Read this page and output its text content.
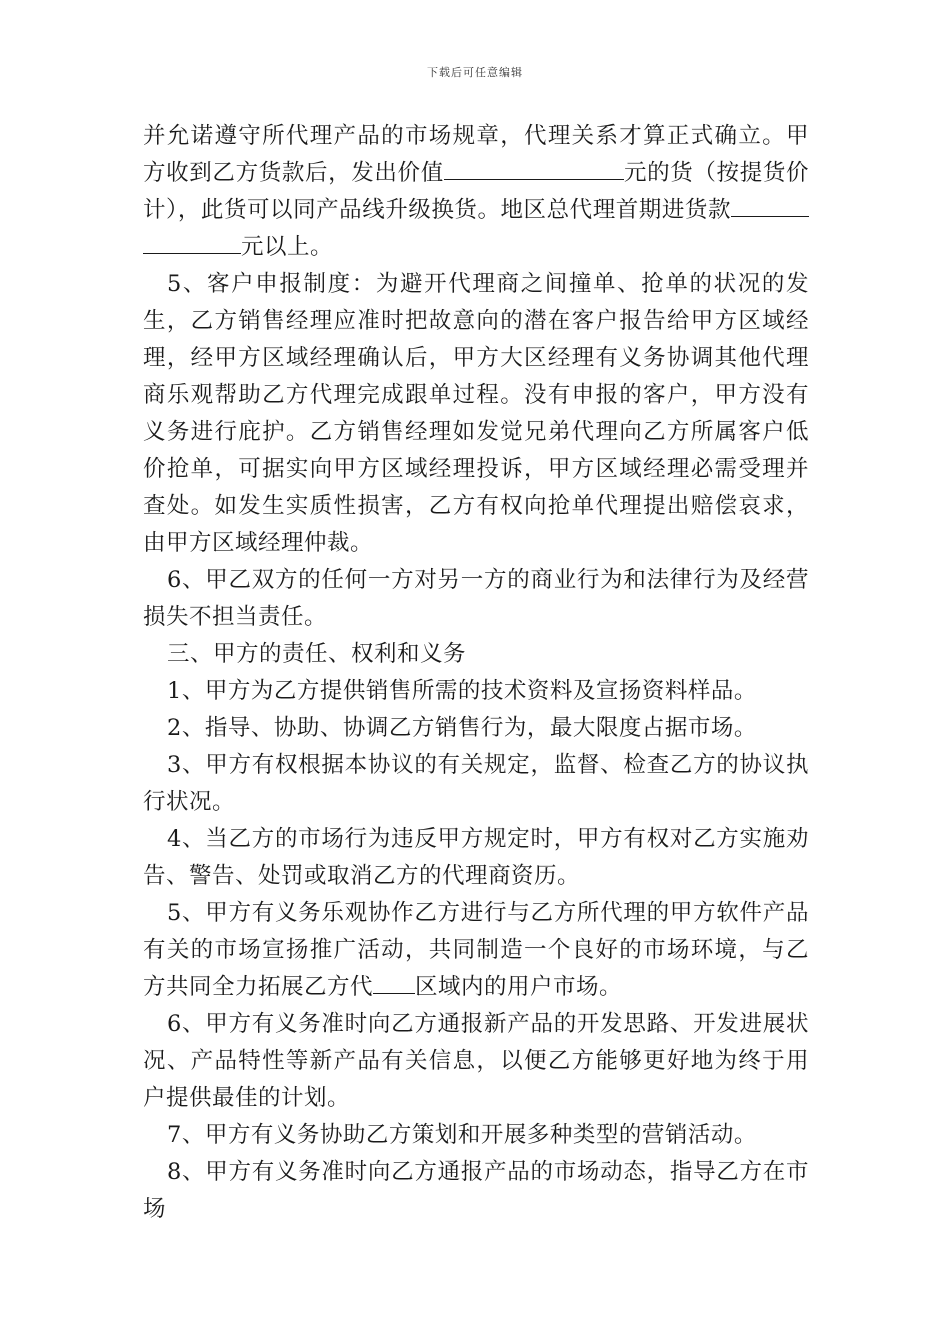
下载后可任意编辑

并允诺遵守所代理产品的市场规章，代理关系才算正式确立。甲方收到乙方货款后，发出价值	元的货（按提货价计），此货可以同产品线升级换货。地区总代理首期进货款元以上。

5、客户申报制度：为避开代理商之间撞单、抢单的状况的发生，乙方销售经理应准时把故意向的潜在客户报告给甲方区域经理，经甲方区域经理确认后，甲方大区经理有义务协调其他代理商乐观帮助乙方代理完成跟单过程。没有申报的客户，甲方没有义务进行庇护。乙方销售经理如发觉兄弟代理向乙方所属客户低价抢单，可据实向甲方区域经理投诉，甲方区域经理必需受理并查处。如发生实质性损害，乙方有权向抢单代理提出赔偿哀求，由甲方区域经理仲裁。

6、甲乙双方的任何一方对另一方的商业行为和法律行为及经营损失不担当责任。

三、甲方的责任、权利和义务

1、甲方为乙方提供销售所需的技术资料及宣扬资料样品。

2、指导、协助、协调乙方销售行为，最大限度占据市场。

3、甲方有权根据本协议的有关规定，监督、检查乙方的协议执行状况。

4、当乙方的市场行为违反甲方规定时，甲方有权对乙方实施劝告、警告、处罚或取消乙方的代理商资历。

5、甲方有义务乐观协作乙方进行与乙方所代理的甲方软件产品有关的市场宣扬推广活动，共同制造一个良好的市场环境，与乙方共同全力拓展乙方代 区域内的用户市场。

6、甲方有义务准时向乙方通报新产品的开发思路、开发进展状况、产品特性等新产品有关信息，以便乙方能够更好地为终于用户提供最佳的计划。

7、甲方有义务协助乙方策划和开展多种类型的营销活动。

8、甲方有义务准时向乙方通报产品的市场动态，指导乙方在市场
